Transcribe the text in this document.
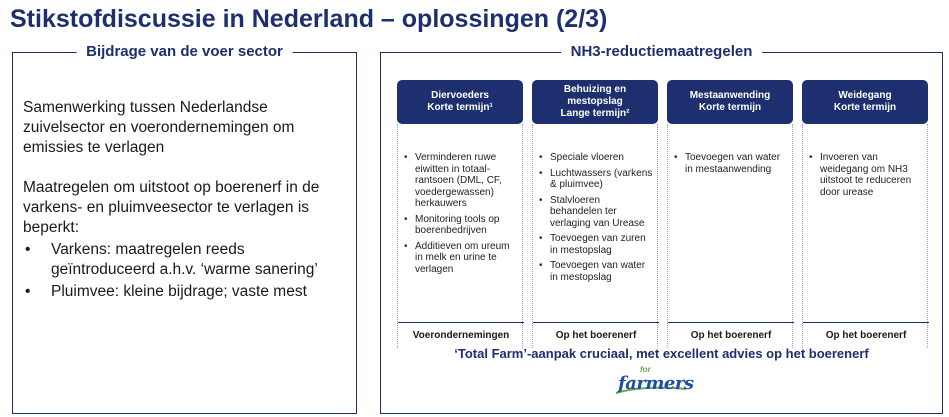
Stikstofdiscussie in Nederland – oplossingen (2/3)
Bijdrage van de voer sector

Samenwerking tussen Nederlandse zuivelsector en voerondernemingen om emissies te verlagen

Maatregelen om uitstoot op boerenerf in de varkens- en pluimveesector te verlagen is beperkt:

• Varkens: maatregelen reeds geïntroduceerd a.h.v. ‘warme sanering’
• Pluimvee: kleine bijdrage; vaste mest
NH3-reductiemaatregelen
Diervoeders
Korte termijn¹
• Verminderen ruwe eiwitten in totaal-rantsoen (DML, CF, voedergewassen) herkauwers
• Monitoring tools op boerenbedrijven
• Additieven om ureum in melk en urine te verlagen
Voerondernemingen
Behuizing en mestopslag
Lange termijn²
• Speciale vloeren
• Luchtwassers (varkens & pluimvee)
• Stalvloeren behandelen ter verlaging van Urease
• Toevoegen van zuren in mestopslag
• Toevoegen van water in mestopslag
Op het boerenerf
Mestaanwending
Korte termijn
• Toevoegen van water in mestaanwending
Op het boerenerf
Weidegang
Korte termijn
• Invoeren van weidegang om NH3 uitstoot te reduceren door urease
Op het boerenerf
‘Total Farm’-aanpak cruciaal, met excellent advies op het boerenerf
for
farmers
